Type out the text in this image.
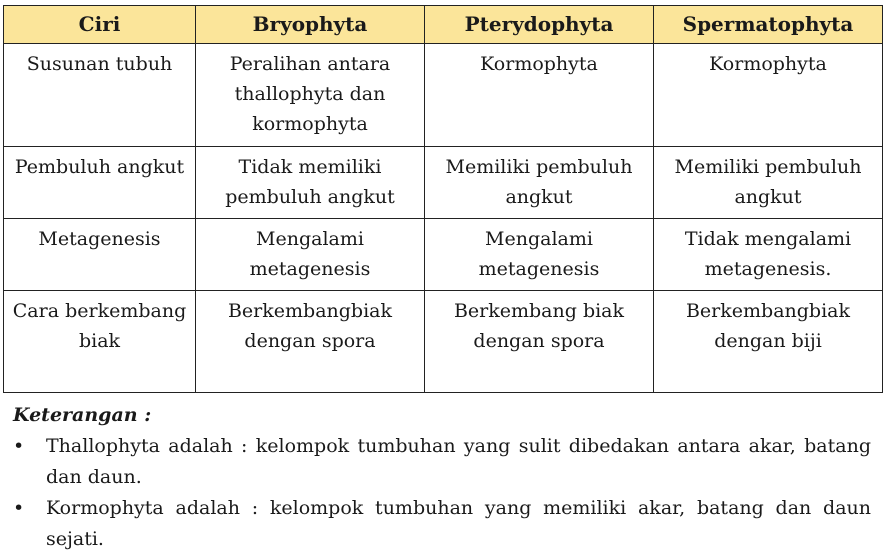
Ciri	Bryophyta	Pterydophyta	Spermatophyta
Susunan tubuh	Peralihan antara thallophyta dan kormophyta	Kormophyta	Kormophyta
Pembuluh angkut	Tidak memiliki pembuluh angkut	Memiliki pembuluh angkut	Memiliki pembuluh angkut
Metagenesis	Mengalami metagenesis	Mengalami metagenesis	Tidak mengalami metagenesis.
Cara berkembang biak	Berkembangbiak dengan spora	Berkembang biak dengan spora	Berkembangbiak dengan biji
Keterangan :
• Thallophyta adalah : kelompok tumbuhan yang sulit dibedakan antara akar, batang dan daun.
• Kormophyta adalah : kelompok tumbuhan yang memiliki akar, batang dan daun sejati.
